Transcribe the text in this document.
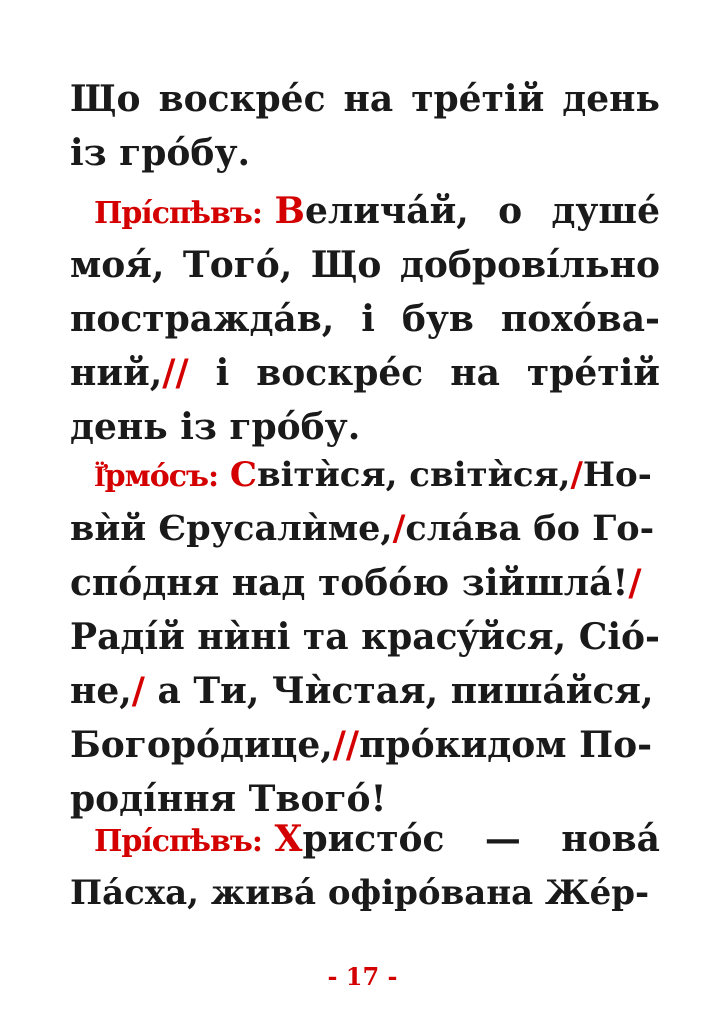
Що воскре́с на тре́тій день
із гро́бу.
Прі́спѣвъ: Величáй, о душé
моя́, Того́, Що добровíльно
постраждáв, і був похóва-
ний,// і воскрéс на трéтій
день із грóбу.
Ї҆рмо́съ: Світѝся, світѝся,/Но-
вѝй Єрусалѝме,/слáва бо Го-
спóдня над тобóю зійшлá!/
Радíй нѝні та красýйся, Сіó-
не,/ а Ти, Чѝстая, пишáйся,
Богорóдице,//прóкидом По-
родíння Твогó!
Прі́спѣвъ: Христóс — новá
Пáсха, живá офірóвана Жéр-
- 17 -
